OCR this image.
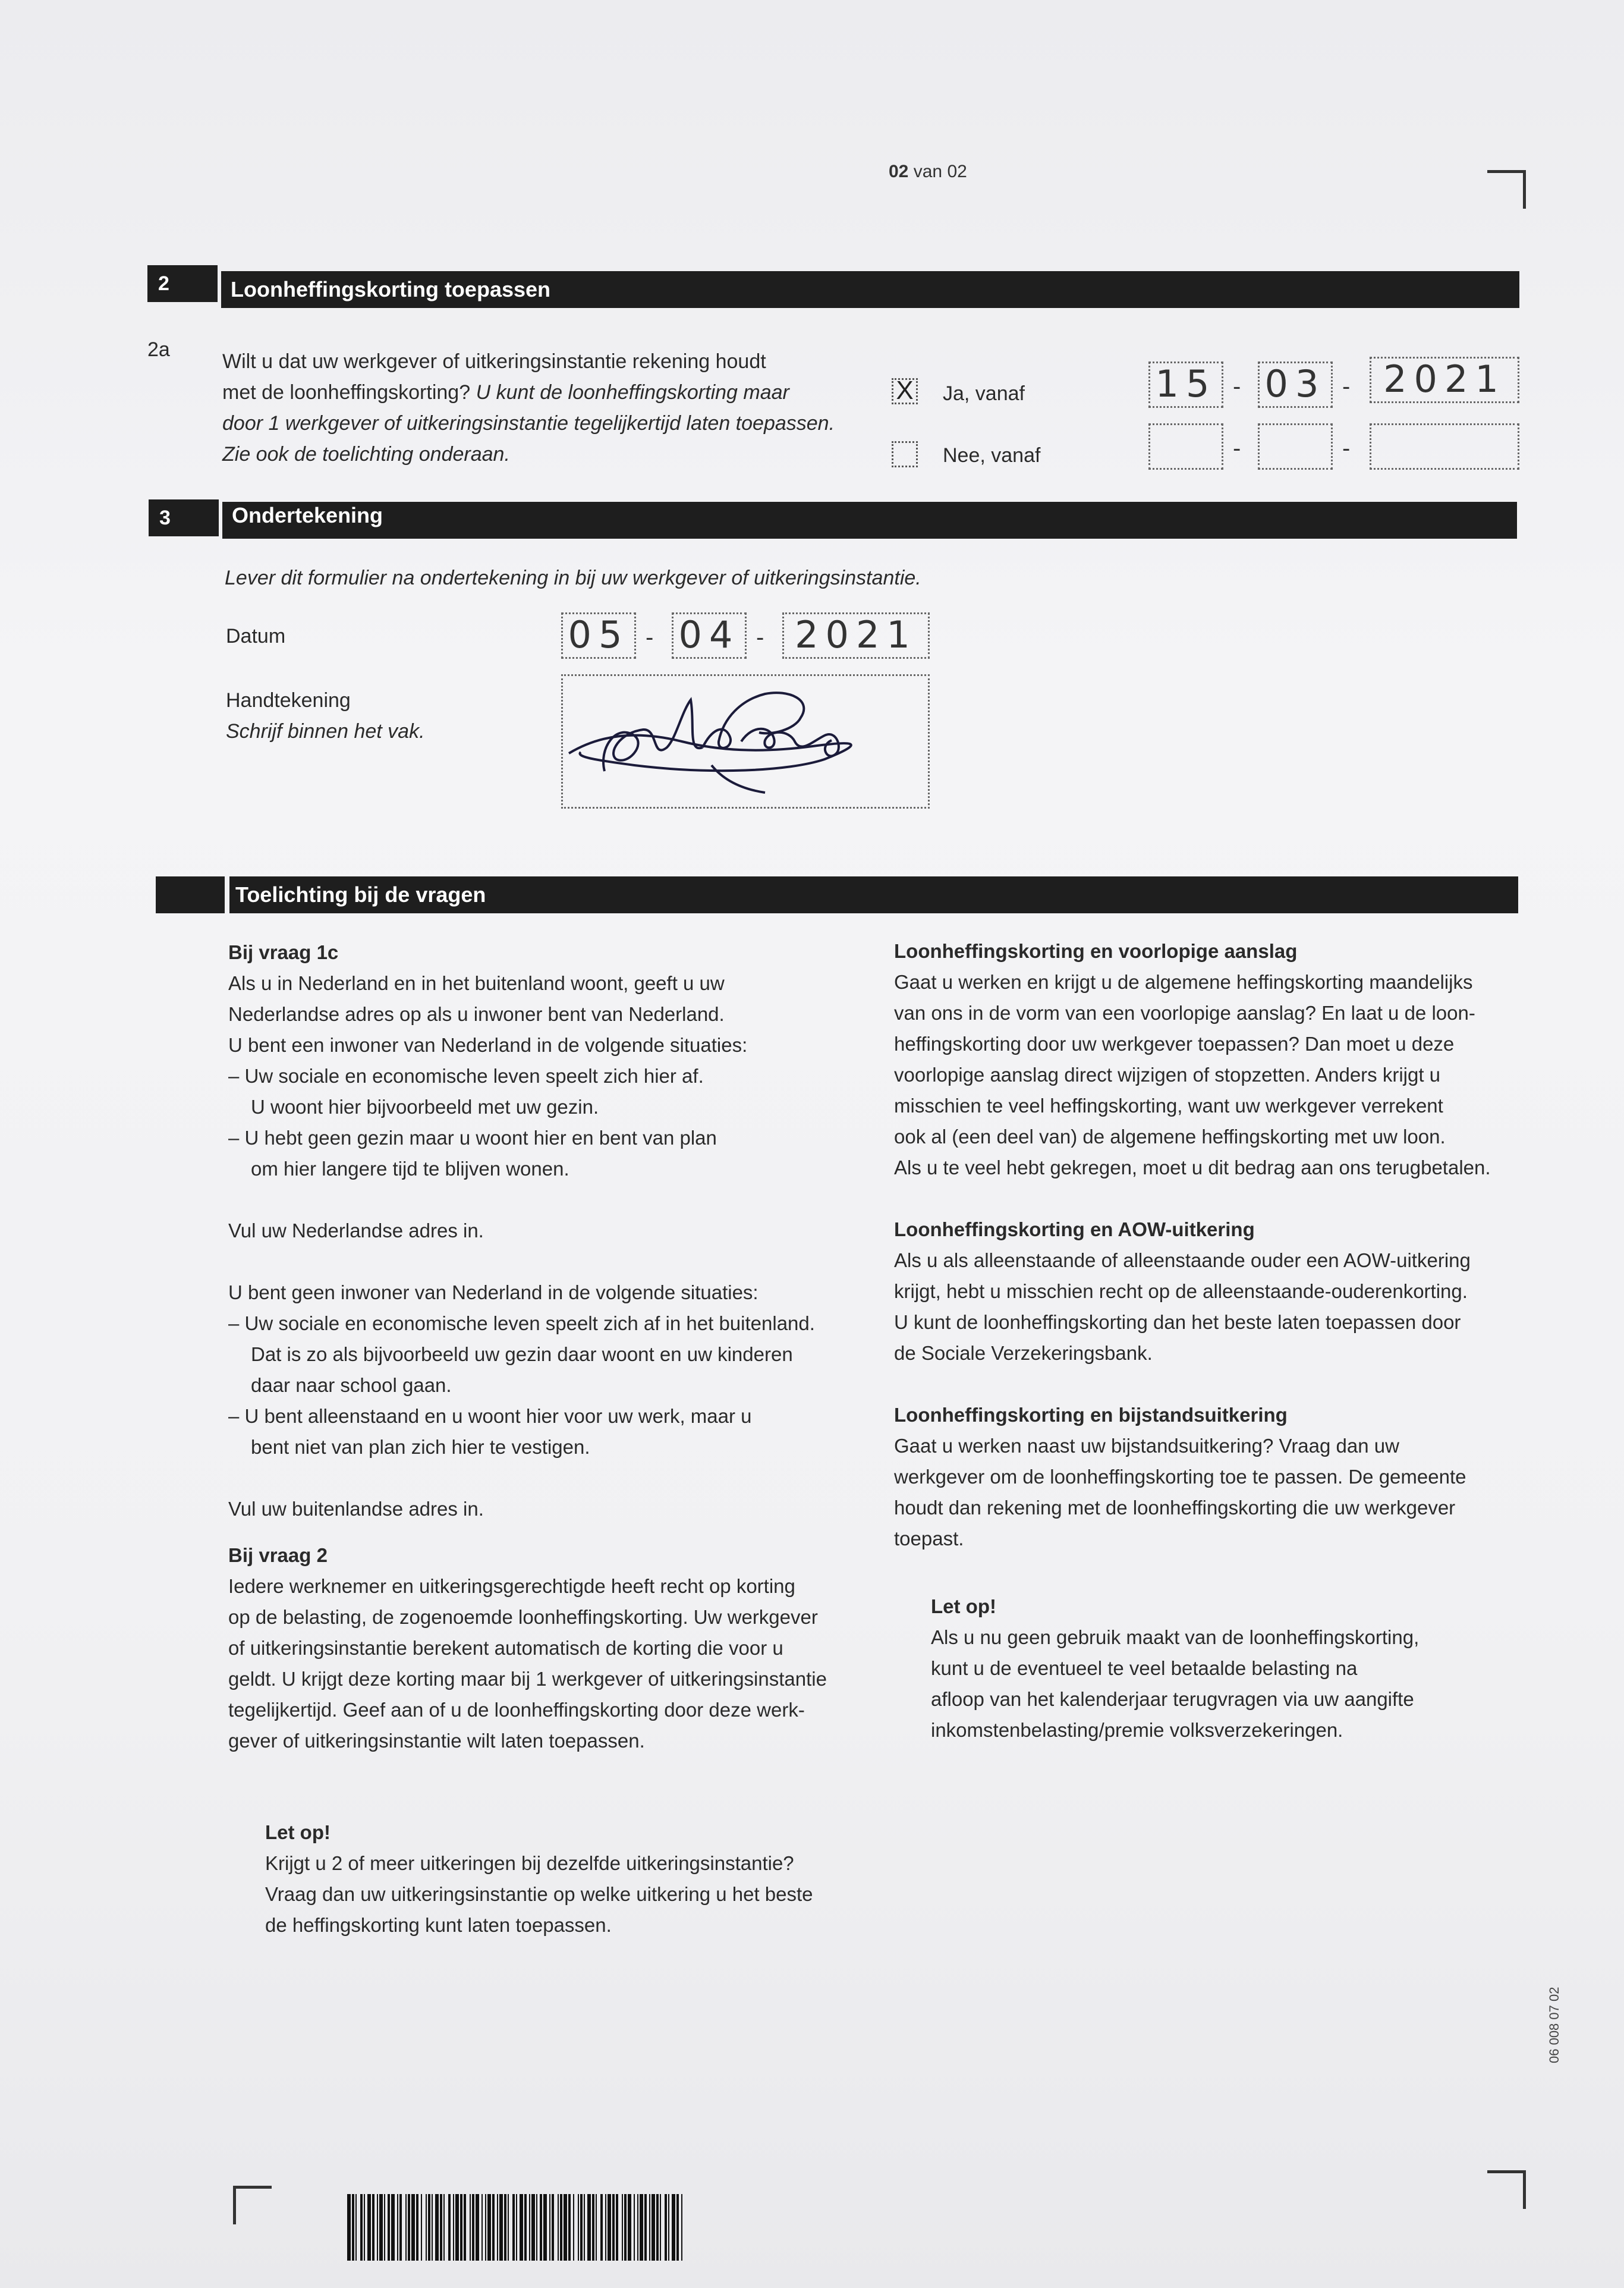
02 van 02
2	Loonheffingskorting toepassen
2a
Wilt u dat uw werkgever of uitkeringsinstantie rekening houdt
met de loonheffingskorting? U kunt de loonheffingskorting maar
door 1 werkgever of uitkeringsinstantie tegelijkertijd laten toepassen.
Zie ook de toelichting onderaan.
X Ja, vanaf	15 - 03 - 2021
Nee, vanaf	-	-
3	Ondertekening
Lever dit formulier na ondertekening in bij uw werkgever of uitkeringsinstantie.
Datum	05 - 04 - 2021
Handtekening
Schrijf binnen het vak.
Toelichting bij de vragen
Bij vraag 1c
Als u in Nederland en in het buitenland woont, geeft u uw
Nederlandse adres op als u inwoner bent van Nederland.
U bent een inwoner van Nederland in de volgende situaties:
– Uw sociale en economische leven speelt zich hier af.
U woont hier bijvoorbeeld met uw gezin.
– U hebt geen gezin maar u woont hier en bent van plan
om hier langere tijd te blijven wonen.
Vul uw Nederlandse adres in.
U bent geen inwoner van Nederland in de volgende situaties:
– Uw sociale en economische leven speelt zich af in het buitenland.
Dat is zo als bijvoorbeeld uw gezin daar woont en uw kinderen
daar naar school gaan.
– U bent alleenstaand en u woont hier voor uw werk, maar u
bent niet van plan zich hier te vestigen.
Vul uw buitenlandse adres in.
Bij vraag 2
Iedere werknemer en uitkeringsgerechtigde heeft recht op korting
op de belasting, de zogenoemde loonheffingskorting. Uw werkgever
of uitkeringsinstantie berekent automatisch de korting die voor u
geldt. U krijgt deze korting maar bij 1 werkgever of uitkeringsinstantie
tegelijkertijd. Geef aan of u de loonheffingskorting door deze werk-
gever of uitkeringsinstantie wilt laten toepassen.
Let op!
Krijgt u 2 of meer uitkeringen bij dezelfde uitkeringsinstantie?
Vraag dan uw uitkeringsinstantie op welke uitkering u het beste
de heffingskorting kunt laten toepassen.
Loonheffingskorting en voorlopige aanslag
Gaat u werken en krijgt u de algemene heffingskorting maandelijks
van ons in de vorm van een voorlopige aanslag? En laat u de loon-
heffingskorting door uw werkgever toepassen? Dan moet u deze
voorlopige aanslag direct wijzigen of stopzetten. Anders krijgt u
misschien te veel heffingskorting, want uw werkgever verrekent
ook al (een deel van) de algemene heffingskorting met uw loon.
Als u te veel hebt gekregen, moet u dit bedrag aan ons terugbetalen.
Loonheffingskorting en AOW-uitkering
Als u als alleenstaande of alleenstaande ouder een AOW-uitkering
krijgt, hebt u misschien recht op de alleenstaande-ouderenkorting.
U kunt de loonheffingskorting dan het beste laten toepassen door
de Sociale Verzekeringsbank.
Loonheffingskorting en bijstandsuitkering
Gaat u werken naast uw bijstandsuitkering? Vraag dan uw
werkgever om de loonheffingskorting toe te passen. De gemeente
houdt dan rekening met de loonheffingskorting die uw werkgever
toepast.
Let op!
Als u nu geen gebruik maakt van de loonheffingskorting,
kunt u de eventueel te veel betaalde belasting na
afloop van het kalenderjaar terugvragen via uw aangifte
inkomstenbelasting/premie volksverzekeringen.
06 008 07 02
